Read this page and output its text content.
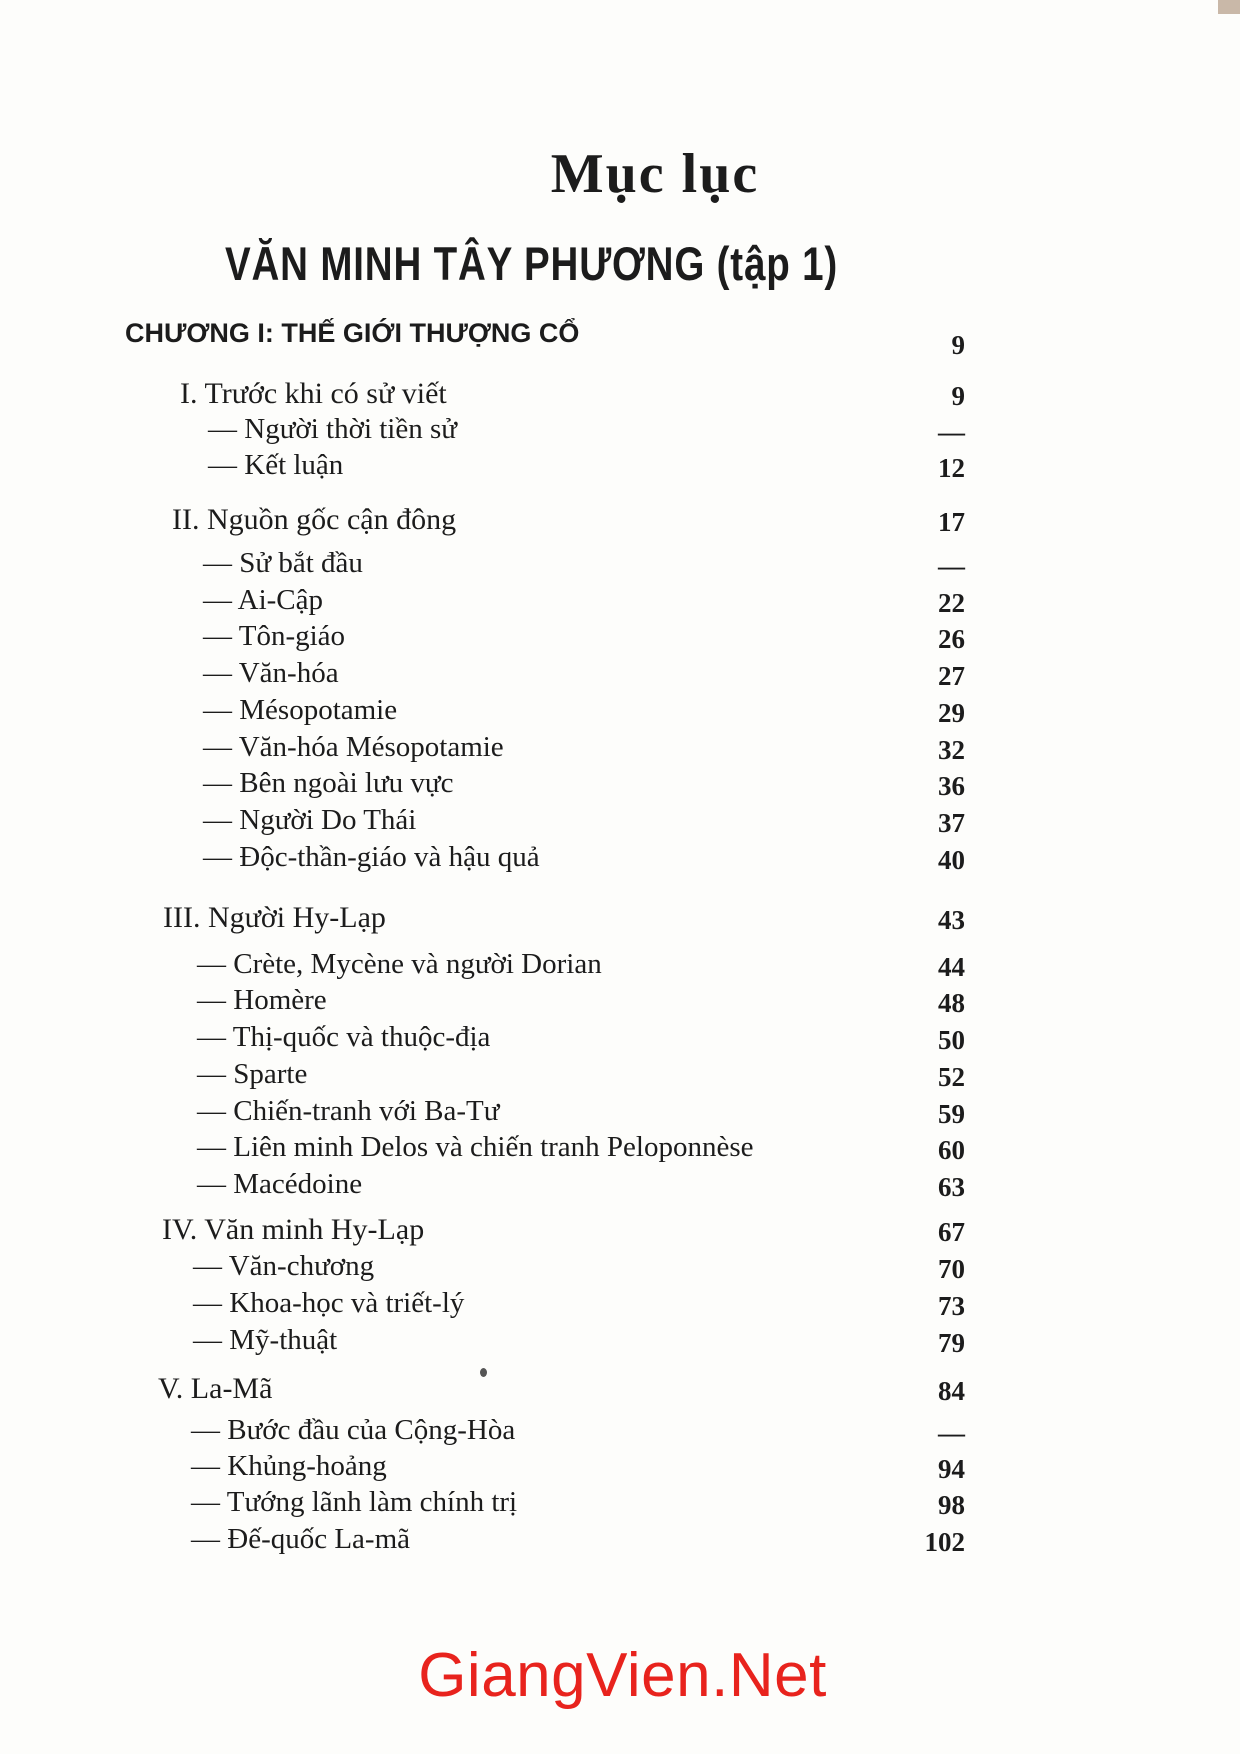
Mục lục
VĂN MINH TÂY PHƯƠNG (tập 1)
CHƯƠNG I: THẾ GIỚI THƯỢNG CỔ	9
I. Trước khi có sử viết	9
— Người thời tiền sử	—
— Kết luận	12
II. Nguồn gốc cận đông	17
— Sử bắt đầu	—
— Ai-Cập	22
— Tôn-giáo	26
— Văn-hóa	27
— Mésopotamie	29
— Văn-hóa Mésopotamie	32
— Bên ngoài lưu vực	36
— Người Do Thái	37
— Độc-thần-giáo và hậu quả	40
III. Người Hy-Lạp	43
— Crète, Mycène và người Dorian	44
— Homère	48
— Thị-quốc và thuộc-địa	50
— Sparte	52
— Chiến-tranh với Ba-Tư	59
— Liên minh Delos và chiến tranh Peloponnèse	60
— Macédoine	63
IV. Văn minh Hy-Lạp	67
— Văn-chương	70
— Khoa-học và triết-lý	73
— Mỹ-thuật	79
V. La-Mã	84
— Bước đầu của Cộng-Hòa	—
— Khủng-hoảng	94
— Tướng lãnh làm chính trị	98
— Đế-quốc La-mã	102
GiangVien.Net
